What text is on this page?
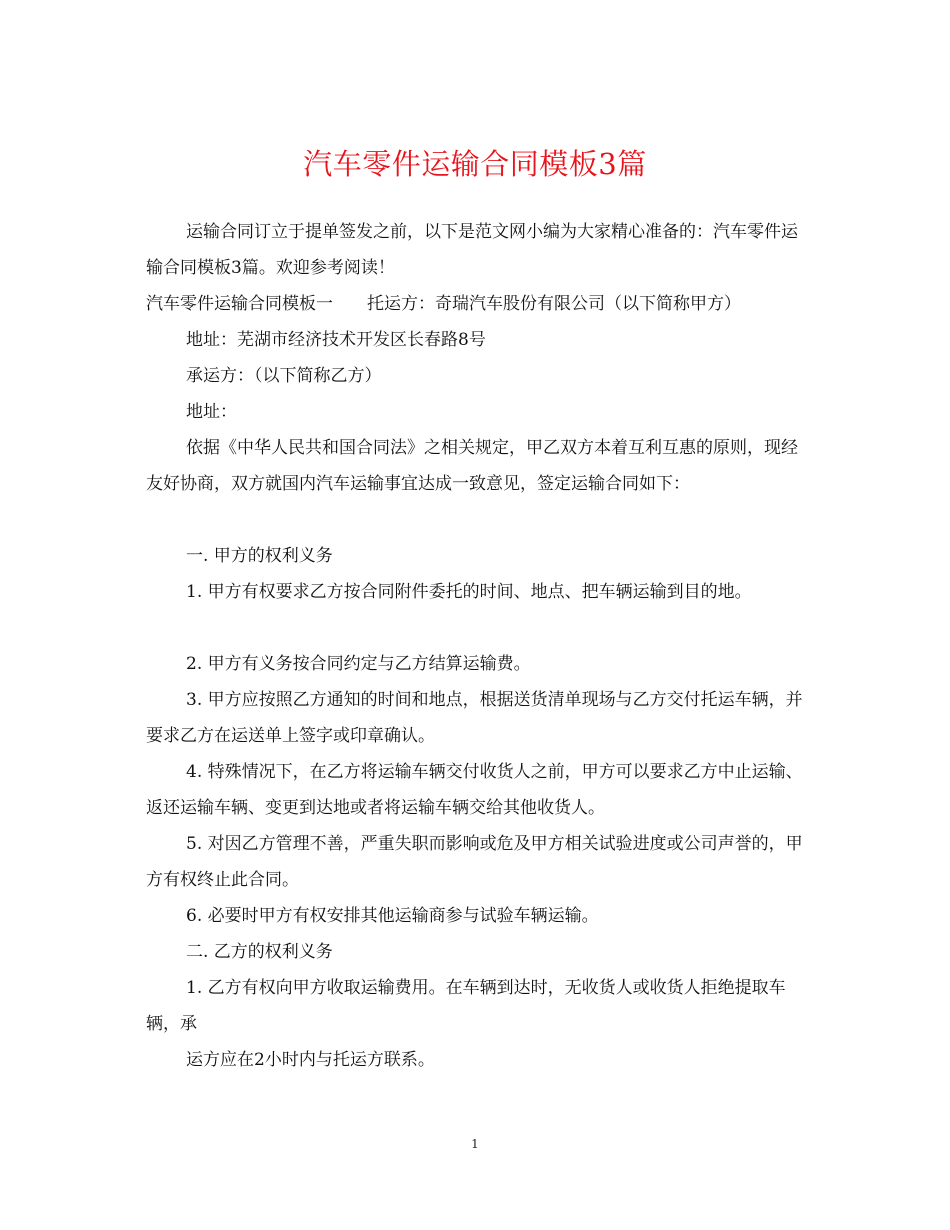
汽车零件运输合同模板3篇
运输合同订立于提单签发之前，以下是范文网小编为大家精心准备的：汽车零件运输合同模板3篇。欢迎参考阅读！
汽车零件运输合同模板一　　托运方：奇瑞汽车股份有限公司（以下简称甲方）
地址：芜湖市经济技术开发区长春路8号
承运方：（以下简称乙方）
地址：
依据《中华人民共和国合同法》之相关规定，甲乙双方本着互利互惠的原则，现经友好协商，双方就国内汽车运输事宜达成一致意见，签定运输合同如下：
一. 甲方的权利义务
1. 甲方有权要求乙方按合同附件委托的时间、地点、把车辆运输到目的地。
2. 甲方有义务按合同约定与乙方结算运输费。
3. 甲方应按照乙方通知的时间和地点，根据送货清单现场与乙方交付托运车辆，并要求乙方在运送单上签字或印章确认。
4. 特殊情况下，在乙方将运输车辆交付收货人之前，甲方可以要求乙方中止运输、返还运输车辆、变更到达地或者将运输车辆交给其他收货人。
5. 对因乙方管理不善，严重失职而影响或危及甲方相关试验进度或公司声誉的，甲方有权终止此合同。
6. 必要时甲方有权安排其他运输商参与试验车辆运输。
二. 乙方的权利义务
1. 乙方有权向甲方收取运输费用。在车辆到达时，无收货人或收货人拒绝提取车辆，承
运方应在2小时内与托运方联系。
1
